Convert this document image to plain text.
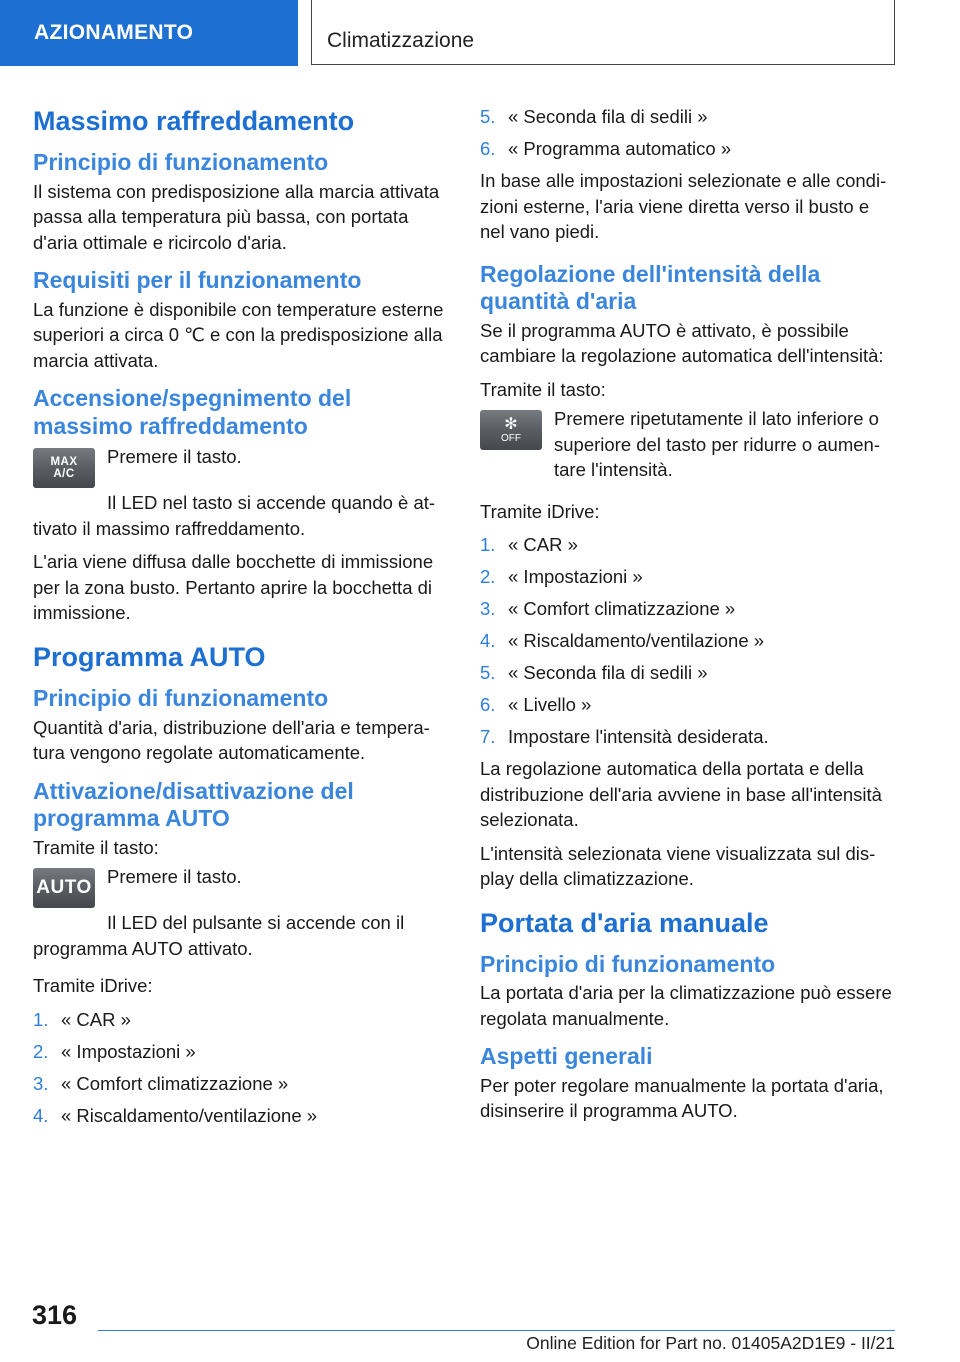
AZIONAMENTO	Climatizzazione
Massimo raffreddamento
Principio di funzionamento

Il sistema con predisposizione alla marcia attivata passa alla temperatura più bassa, con portata d'aria ottimale e ricircolo d'aria.

Requisiti per il funzionamento

La funzione è disponibile con temperature esterne superiori a circa 0 ℃ e con la predisposizione alla marcia attivata.

Accensione/spegnimento del massimo raffreddamento
MAX
A/C

Premere il tasto.

Il LED nel tasto si accende quando è attivato il massimo raffreddamento.

L'aria viene diffusa dalle bocchette di immissione per la zona busto. Pertanto aprire la bocchetta di immissione.

Programma AUTO
Principio di funzionamento

Quantità d'aria, distribuzione dell'aria e temperatura vengono regolate automaticamente.

Attivazione/disattivazione del programma AUTO

Tramite il tasto:

AUTO

Premere il tasto.

Il LED del pulsante si accende con il programma AUTO attivato.

Tramite iDrive:

1. « CAR »
2. « Impostazioni »
3. « Comfort climatizzazione »
4. « Riscaldamento/ventilazione »
5. « Seconda fila di sedili »
6. « Programma automatico »

In base alle impostazioni selezionate e alle condizioni esterne, l'aria viene diretta verso il busto e nel vano piedi.

Regolazione dell'intensità della quantità d'aria

Se il programma AUTO è attivato, è possibile cambiare la regolazione automatica dell'intensità:

Tramite il tasto:

✻
OFF

Premere ripetutamente il lato inferiore o superiore del tasto per ridurre o aumentare l'intensità.

Tramite iDrive:

1. « CAR »
2. « Impostazioni »
3. « Comfort climatizzazione »
4. « Riscaldamento/ventilazione »
5. « Seconda fila di sedili »
6. « Livello »
7. Impostare l'intensità desiderata.

La regolazione automatica della portata e della distribuzione dell'aria avviene in base all'intensità selezionata.

L'intensità selezionata viene visualizzata sul display della climatizzazione.

Portata d'aria manuale
Principio di funzionamento

La portata d'aria per la climatizzazione può essere regolata manualmente.

Aspetti generali

Per poter regolare manualmente la portata d'aria, disinserire il programma AUTO.

316
Online Edition for Part no. 01405A2D1E9 - II/21
